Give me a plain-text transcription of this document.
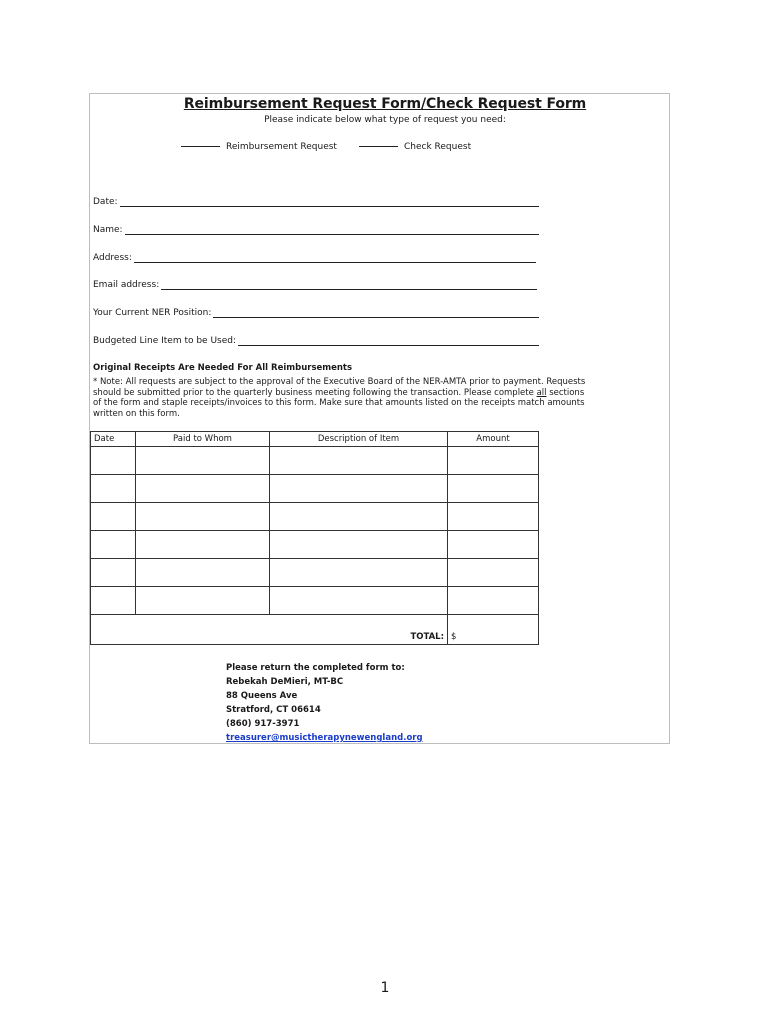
Reimbursement Request Form/Check Request Form
Please indicate below what type of request you need:
Reimbursement Request	Check Request
Date:
Name:
Address:
Email address:
Your Current NER Position:
Budgeted Line Item to be Used:
Original Receipts Are Needed For All Reimbursements
* Note: All requests are subject to the approval of the Executive Board of the NER-AMTA prior to payment. Requests should be submitted prior to the quarterly business meeting following the transaction. Please complete all sections of the form and staple receipts/invoices to this form. Make sure that amounts listed on the receipts match amounts written on this form.
Date	Paid to Whom	Description of Item	Amount

TOTAL:			$
Please return the completed form to:
Rebekah DeMieri, MT-BC
88 Queens Ave
Stratford, CT 06614
(860) 917-3971
treasurer@musictherapynewengland.org
1
